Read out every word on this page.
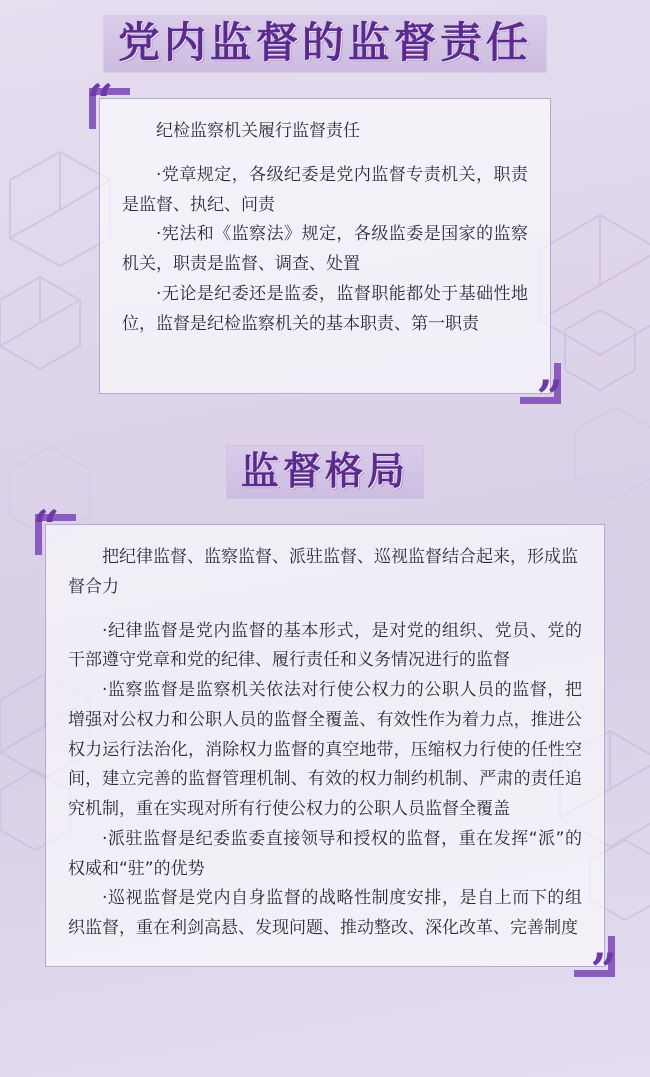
党内监督的监督责任
“
”

纪检监察机关履行监督责任

·党章规定，各级纪委是党内监督专责机关，职责是监督、执纪、问责

·宪法和《监察法》规定，各级监委是国家的监察机关，职责是监督、调查、处置

·无论是纪委还是监委，监督职能都处于基础性地位，监督是纪检监察机关的基本职责、第一职责

监督格局
“
”

把纪律监督、监察监督、派驻监督、巡视监督结合起来，形成监督合力

·纪律监督是党内监督的基本形式，是对党的组织、党员、党的干部遵守党章和党的纪律、履行责任和义务情况进行的监督

·监察监督是监察机关依法对行使公权力的公职人员的监督，把增强对公权力和公职人员的监督全覆盖、有效性作为着力点，推进公权力运行法治化，消除权力监督的真空地带，压缩权力行使的任性空间，建立完善的监督管理机制、有效的权力制约机制、严肃的责任追究机制，重在实现对所有行使公权力的公职人员监督全覆盖

·派驻监督是纪委监委直接领导和授权的监督，重在发挥“派”的权威和“驻”的优势

·巡视监督是党内自身监督的战略性制度安排，是自上而下的组织监督，重在利剑高悬、发现问题、推动整改、深化改革、完善制度
